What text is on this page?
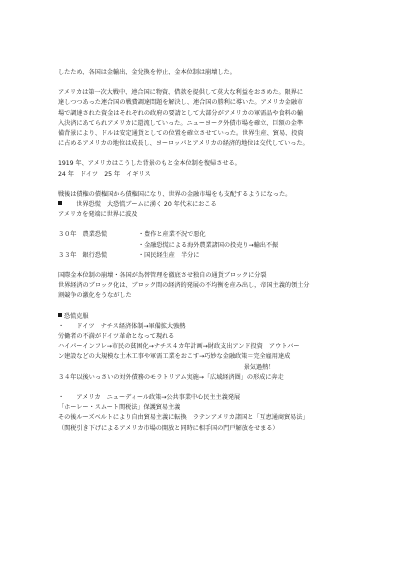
したため、各国は金輸出、金兌換を停止、金本位制は崩壊した。

アメリカは第一次大戦中、連合国に物資、借款を提供して莫大な利益をおさめた。限界に

達しつつあった連合国の戦費調達問題を解決し、連合国の勝利に導いた。アメリカ金融市

場で調達された資金はそれぞれの政府の要請として大部分がアメリカの軍需品や食料の輸

入決済にあてられアメリカに還流していった。ニューヨーク外債市場を確立、巨額の金準

備背景により、ドルは安定通貨としての位置を確立させていった。世界生産、貿易、投資

に占めるアメリカの地位は成長し、ヨーロッパとアメリカの経済的地位は交代していった。

1919 年、アメリカはこうした背景のもと金本位制を復帰させる。

24 年　ドイツ　25 年　イギリス

戦後は債権の債権国から債権国になり、世界の金融市場をも支配するようになった。

　　世界恐慌　大恐慌ブームに湧く 20 年代末におこる

アメリカを発端に世界に波及

３０年　農業恐慌	・豊作と産業不況で悪化
・金融恐慌による海外農業諸国の投売り→輸出不振
３３年　銀行恐慌	・国民経生産　半分に

国際金本位制の崩壊・各国が為替管理を徹底させ独自の通貨ブロックに分裂

世界経済のブロック化は、ブロック間の経済的発展の不均衡を産み出し，帝国主義的領土分

割競争の激化をうながした

恐慌克服

・　　ドイツ　ナチス経済体制→軍備拡大強熱

労働者の不満がドイツ革命となって現れる

ハイパーインフレ→市民の貧困化→ナチス４カ年計画→財政支出アンド投資　アウトバー

ン建設などの大規模な土木工事や軍需工業をおこす→巧妙な金融政策＝完全雇用達成

景気過熱！

３４年以後いっさいの対外債務のモラトリアム実施→「広域経済圏」の形成に奔走

・　　アメリカ　ニューディール政策→公共事業中心民主主義発展

「ホーレー・スムート関税法」保護貿易主義

その後ルーズベルトにより自由貿易主義に転換　ラテンアメリカ諸国と「互恵通商貿易法」

（関税引き下げによるアメリカ市場の開放と同時に相手国の門戸解放をせまる）
